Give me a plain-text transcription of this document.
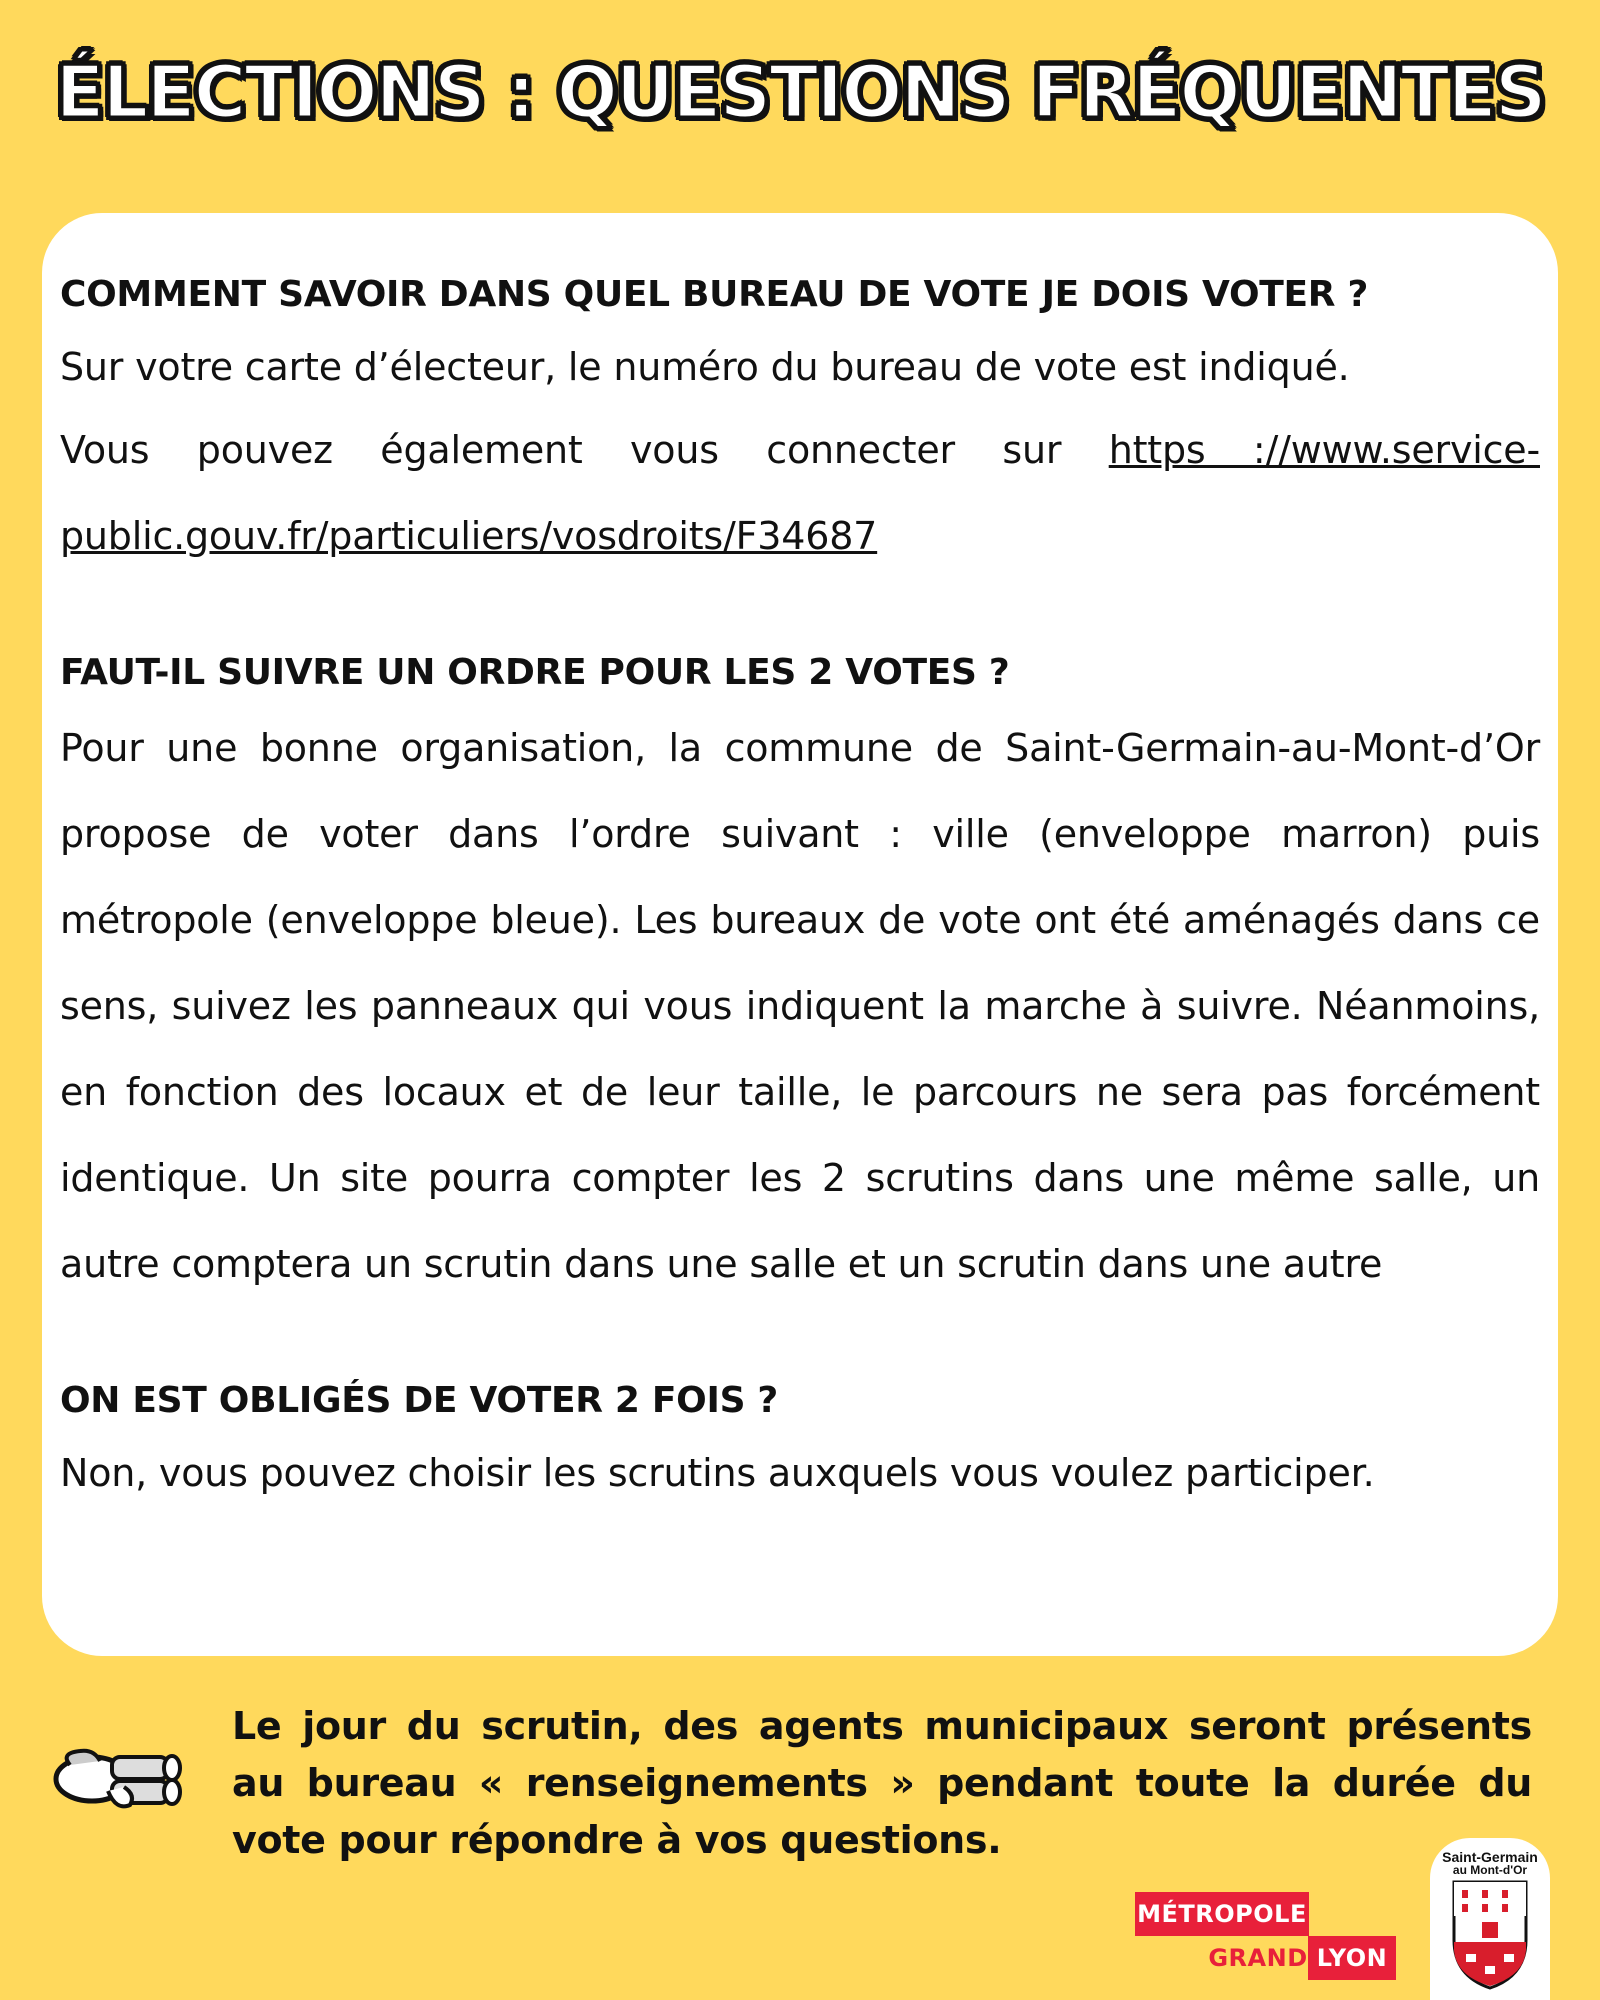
ÉLECTIONS : QUESTIONS FRÉQUENTES

COMMENT SAVOIR DANS QUEL BUREAU DE VOTE JE DOIS VOTER ?

Sur votre carte d’électeur, le numéro du bureau de vote est indiqué.

Vous pouvez également vous connecter sur https ://www.service-public.gouv.fr/particuliers/vosdroits/F34687

FAUT-IL SUIVRE UN ORDRE POUR LES 2 VOTES ?

Pour une bonne organisation, la commune de Saint-Germain-au-Mont-d’Or propose de voter dans l’ordre suivant : ville (enveloppe marron) puis métropole (enveloppe bleue). Les bureaux de vote ont été aménagés dans ce sens, suivez les panneaux qui vous indiquent la marche à suivre. Néanmoins, en fonction des locaux et de leur taille, le parcours ne sera pas forcément identique. Un site pourra compter les 2 scrutins dans une même salle, un autre comptera un scrutin dans une salle et un scrutin dans une autre

ON EST OBLIGÉS DE VOTER 2 FOIS ?

Non, vous pouvez choisir les scrutins auxquels vous voulez participer.

Le jour du scrutin, des agents municipaux seront présents au bureau « renseignements » pendant toute la durée du vote pour répondre à vos questions.
MÉTROPOLE
GRAND LYON
Saint-Germain
au Mont-d'Or
